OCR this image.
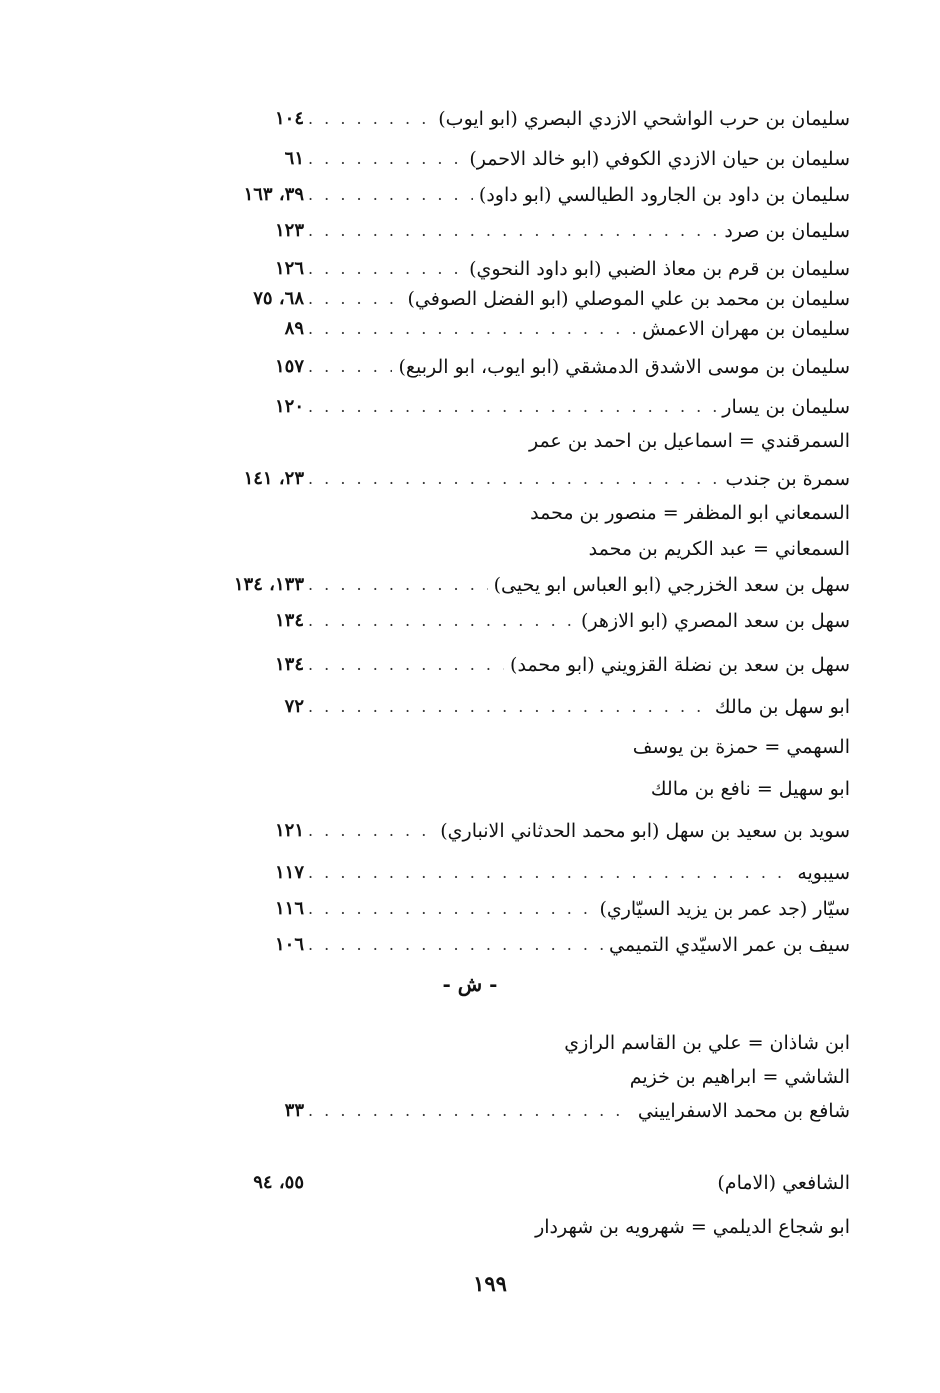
سليمان بن حرب الواشحي الازدي البصري (ابو ايوب)
. . .
١٠٤
سليمان بن حيان الازدي الكوفي (ابو خالد الاحمر)
. . .
٦١
سليمان بن داود بن الجارود الطيالسي (ابو داود)
. . .
٣٩، ١٦٣
سليمان بن صرد
. . .
١٢٣
سليمان بن قرم بن معاذ الضبي (ابو داود النحوي)
. . .
١٢٦
سليمان بن محمد بن علي الموصلي (ابو الفضل الصوفي)
. . .
٦٨، ٧٥
سليمان بن مهران الاعمش
. . .
٨٩
سليمان بن موسى الاشدق الدمشقي (ابو ايوب، ابو الربيع)
. . .
١٥٧
سليمان بن يسار
. . .
١٢٠
السمرقندي = اسماعيل بن احمد بن عمر
سمرة بن جندب
. . .
٢٣، ١٤١
السمعاني ابو المظفر = منصور بن محمد
السمعاني = عبد الكريم بن محمد
سهل بن سعد الخزرجي (ابو العباس ابو يحيى)
. . .
١٣٣، ١٣٤
سهل بن سعد المصري (ابو الازهر)
. . .
١٣٤
سهل بن سعد بن نضلة القزويني (ابو محمد)
. . .
١٣٤
ابو سهل بن مالك
. . .
٧٢
السهمي = حمزة بن يوسف
ابو سهيل = نافع بن مالك
سويد بن سعيد بن سهل (ابو محمد الحدثاني الانباري)
. . .
١٢١
سيبويه
. . .
١١٧
سيّار (جد عمر بن يزيد السيّاري)
. . .
١١٦
سيف بن عمر الاسيّدي التميمي
. . .
١٠٦
- ش -
ابن شاذان = علي بن القاسم الرازي
الشاشي = ابراهيم بن خزيم
شافع بن محمد الاسفراييني
. . .
٣٣
الشافعي (الامام)
٥٥، ٩٤
ابو شجاع الديلمي = شهرويه بن شهردار
١٩٩
